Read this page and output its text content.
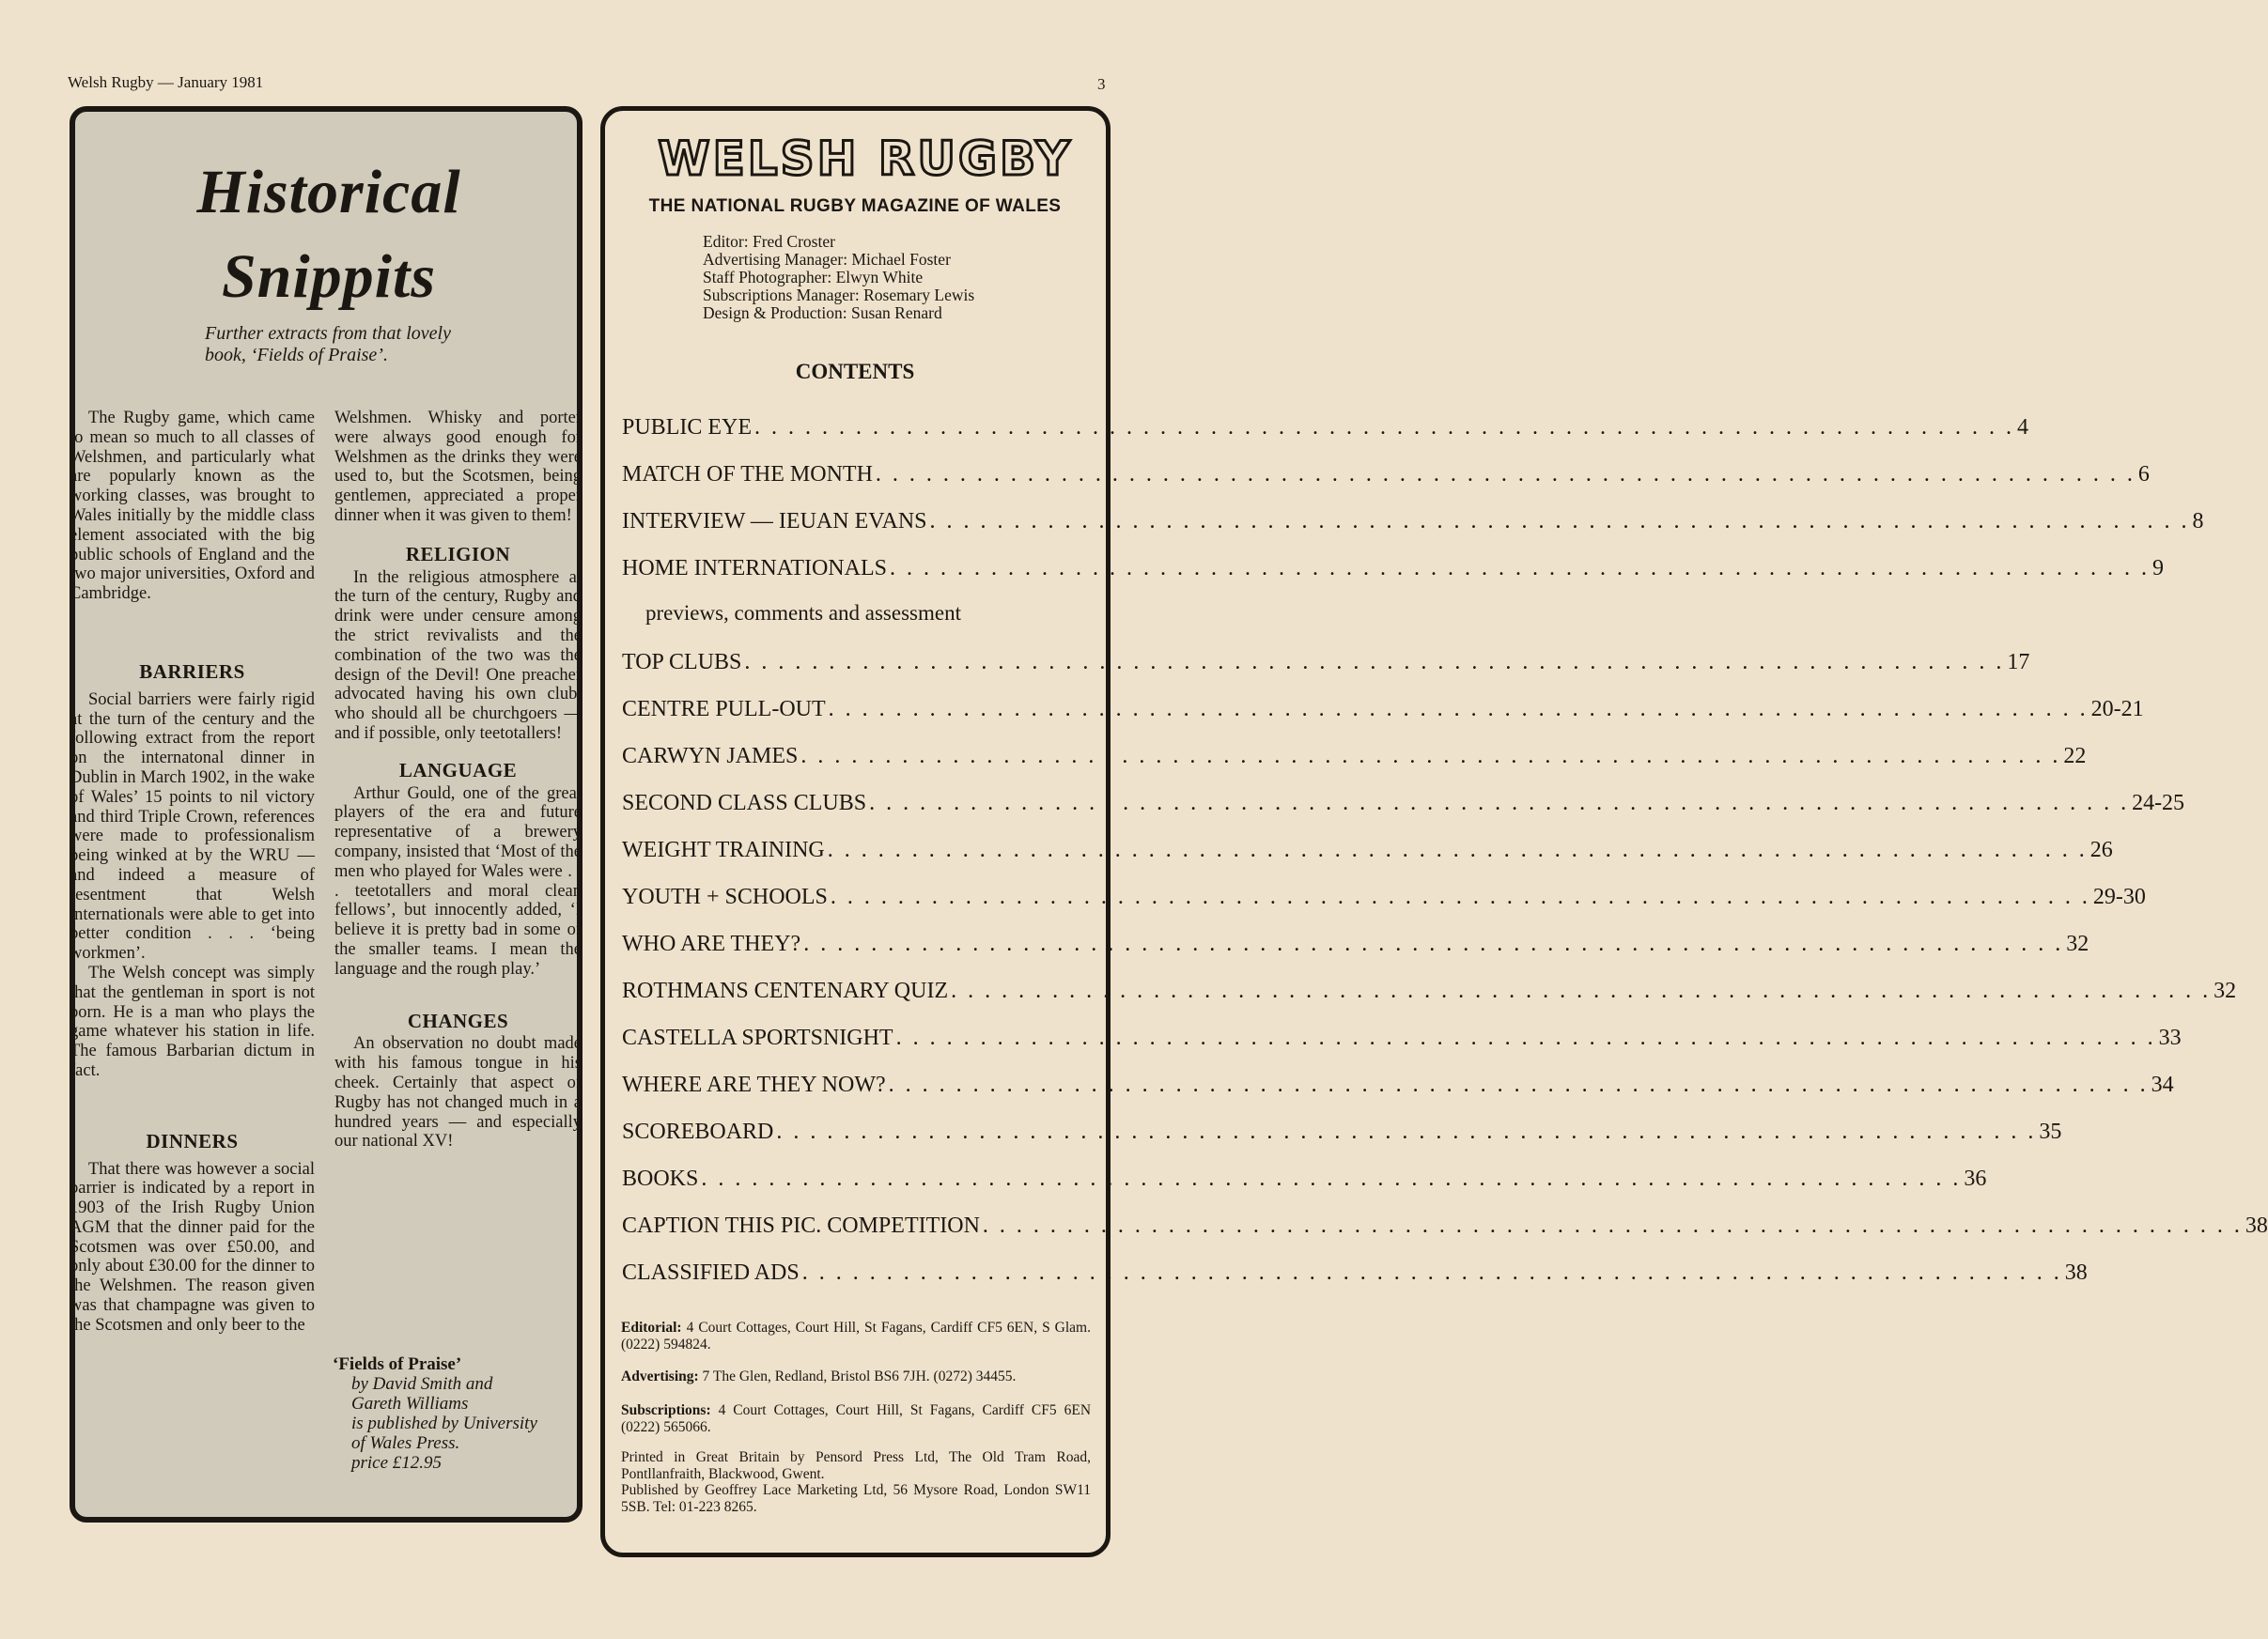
Welsh Rugby — January 1981	3
Historical
Snippits
Further extracts from that lovely book, ‘Fields of Praise’.

The Rugby game, which came to mean so much to all classes of Welshmen, and particularly what are popularly known as the working classes, was brought to Wales initially by the middle class element associated with the big public schools of England and the two major universities, Oxford and Cambridge.

BARRIERS

Social barriers were fairly rigid at the turn of the century and the following extract from the report on the internatonal dinner in Dublin in March 1902, in the wake of Wales’ 15 points to nil victory and third Triple Crown, references were made to professionalism being winked at by the WRU — and indeed a measure of resentment that Welsh internationals were able to get into better condition . . . ‘being workmen’.

The Welsh concept was simply that the gentleman in sport is not born. He is a man who plays the game whatever his station in life. The famous Barbarian dictum in fact.

DINNERS

That there was however a social barrier is indicated by a report in 1903 of the Irish Rugby Union AGM that the dinner paid for the Scotsmen was over £50.00, and only about £30.00 for the dinner to the Welshmen. The reason given was that champagne was given to the Scotsmen and only beer to the

Welshmen. Whisky and porter were always good enough for Welshmen as the drinks they were used to, but the Scotsmen, being gentlemen, appreciated a proper dinner when it was given to them!

RELIGION

In the religious atmosphere at the turn of the century, Rugby and drink were under censure among the strict revivalists and the combination of the two was the design of the Devil! One preacher advocated having his own club, who should all be churchgoers — and if possible, only teetotallers!

LANGUAGE

Arthur Gould, one of the great players of the era and future representative of a brewery company, insisted that ‘Most of the men who played for Wales were . . . teetotallers and moral clean fellows’, but innocently added, ‘I believe it is pretty bad in some of the smaller teams. I mean the language and the rough play.’

CHANGES

An observation no doubt made with his famous tongue in his cheek. Certainly that aspect of Rugby has not changed much in a hundred years — and especially our national XV!

‘Fields of Praise’
by David Smith and
Gareth Williams
is published by University
of Wales Press.
price £12.95
WELSH RUGBY
THE NATIONAL RUGBY MAGAZINE OF WALES
Editor: Fred Croster
Advertising Manager: Michael Foster
Staff Photographer: Elwyn White
Subscriptions Manager: Rosemary Lewis
Design & Production: Susan Renard
CONTENTS
PUBLIC EYE . . .	4
MATCH OF THE MONTH . . .	6
INTERVIEW — IEUAN EVANS . . .	8
HOME INTERNATIONALS . . .	9
TOP CLUBS . . .	17
CENTRE PULL-OUT . . .	20-21
CARWYN JAMES . . .	22
SECOND CLASS CLUBS . . .	24-25
WEIGHT TRAINING . . .	26
YOUTH + SCHOOLS . . .	29-30
WHO ARE THEY? . . .	32
ROTHMANS CENTENARY QUIZ . . .	32
CASTELLA SPORTSNIGHT . . .	33
WHERE ARE THEY NOW? . . .	34
SCOREBOARD . . .	35
BOOKS . . .	36
CAPTION THIS PIC. COMPETITION . . .	38
CLASSIFIED ADS . . .	38
previews, comments and assessment
Editorial: 4 Court Cottages, Court Hill, St Fagans, Cardiff CF5 6EN, S Glam. (0222) 594824.
Advertising: 7 The Glen, Redland, Bristol BS6 7JH. (0272) 34455.
Subscriptions: 4 Court Cottages, Court Hill, St Fagans, Cardiff CF5 6EN (0222) 565066.
Printed in Great Britain by Pensord Press Ltd, The Old Tram Road, Pontllanfraith, Blackwood, Gwent.
Published by Geoffrey Lace Marketing Ltd, 56 Mysore Road, London SW11 5SB. Tel: 01-223 8265.
